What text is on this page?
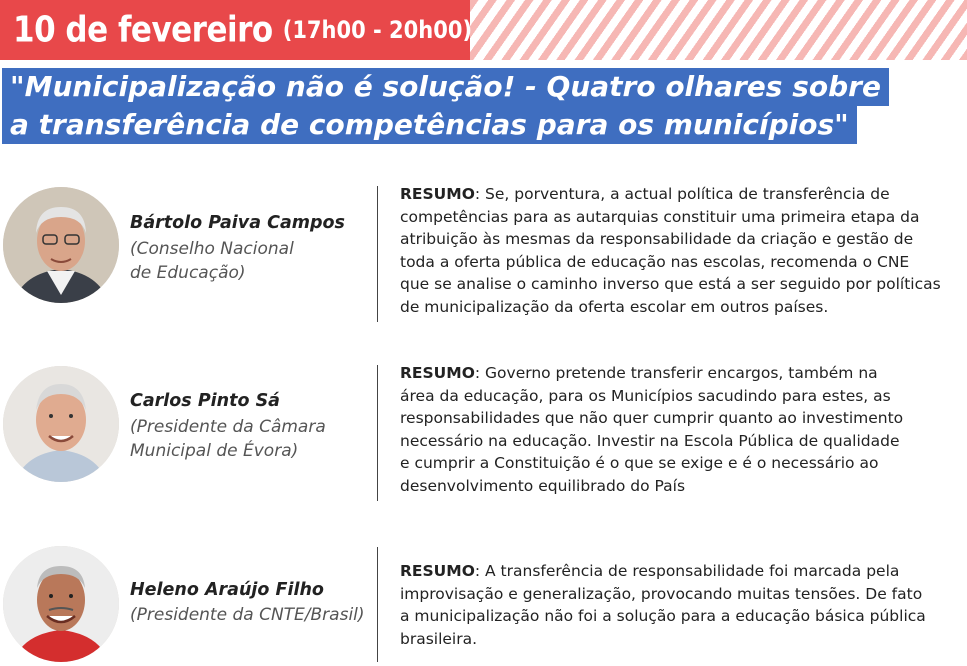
10 de fevereiro (17h00 - 20h00)
"Municipalização não é solução! - Quatro olhares sobre
a transferência de competências para os municípios"
Bártolo Paiva Campos
(Conselho Nacional
de Educação)
RESUMO: Se, porventura, a actual política de transferência de
competências para as autarquias constituir uma primeira etapa da
atribuição às mesmas da responsabilidade da criação e gestão de
toda a oferta pública de educação nas escolas, recomenda o CNE
que se analise o caminho inverso que está a ser seguido por políticas
de municipalização da oferta escolar em outros países.
Carlos Pinto Sá
(Presidente da Câmara
Municipal de Évora)
RESUMO: Governo pretende transferir encargos, também na
área da educação, para os Municípios sacudindo para estes, as
responsabilidades que não quer cumprir quanto ao investimento
necessário na educação. Investir na Escola Pública de qualidade
e cumprir a Constituição é o que se exige e é o necessário ao
desenvolvimento equilibrado do País
Heleno Araújo Filho
(Presidente da CNTE/Brasil)
RESUMO: A transferência de responsabilidade foi marcada pela
improvisação e generalização, provocando muitas tensões. De fato
a municipalização não foi a solução para a educação básica pública
brasileira.
